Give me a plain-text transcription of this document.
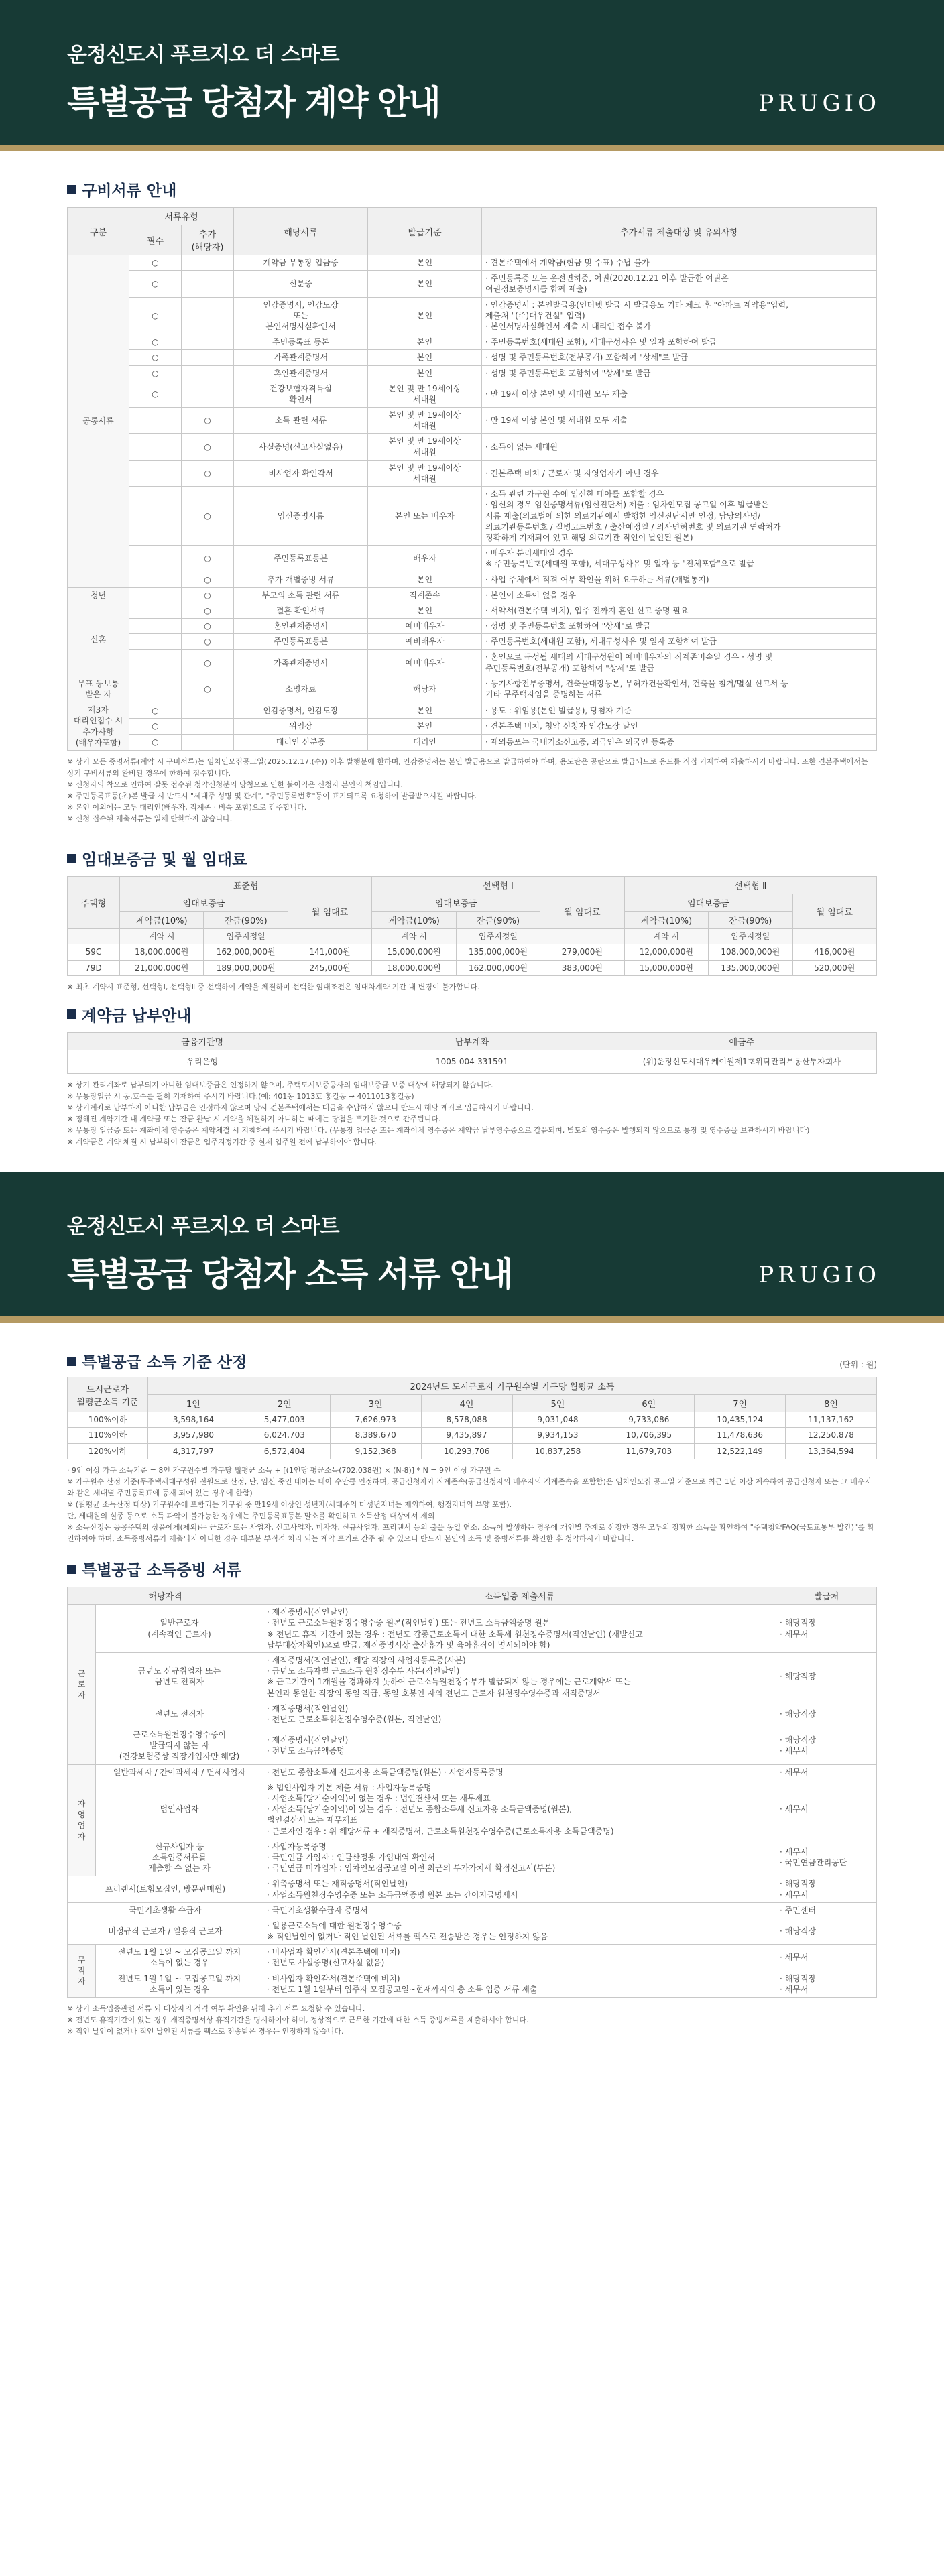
운정신도시 푸르지오 더 스마트
특별공급 당첨자 계약 안내	PRUGIO
구비서류 안내
구분	서류유형		해당서류	발급기준	추가서류 제출대상 및 유의사항
	필수	추가
(해당자)			
공통서류	○		계약금 무통장 입금증	본인	· 견본주택에서 계약금(현금 및 수표) 수납 불가
	○		신분증	본인	· 주민등록증 또는 운전면허증, 여권(2020.12.21 이후 발급한 여권은
여권정보증명서를 함께 제출)
	○		인감증명서, 인감도장
또는
본인서명사실확인서	본인	· 인감증명서 : 본인발급용(인터넷 발급 시 발급용도 기타 체크 후 "아파트 계약용"입력,
제출처 "(주)대우건설" 입력)
· 본인서명사실확인서 제출 시 대리인 접수 불가
	○		주민등록표 등본	본인	· 주민등록번호(세대원 포함), 세대구성사유 및 일자 포함하여 발급
	○		가족관계증명서	본인	· 성명 및 주민등록번호(전부공개) 포함하여 "상세"로 발급
	○		혼인관계증명서	본인	· 성명 및 주민등록번호 포함하여 "상세"로 발급
	○		건강보험자격득실
확인서	본인 및 만 19세이상
세대원	· 만 19세 이상 본인 및 세대원 모두 제출
		○	소득 관련 서류	본인 및 만 19세이상
세대원	· 만 19세 이상 본인 및 세대원 모두 제출
		○	사실증명(신고사실없음)	본인 및 만 19세이상
세대원	· 소득이 없는 세대원
		○	비사업자 확인각서	본인 및 만 19세이상
세대원	· 견본주택 비치 / 근로자 및 자영업자가 아닌 경우
		○	임신증명서류	본인 또는 배우자	· 소득 관련 가구원 수에 임신한 태아를 포함할 경우
· 임신의 경우 임신증명서류(임신진단서) 제출 : 임차인모집 공고일 이후 발급받은
서류 제출(의료법에 의한 의료기관에서 발행한 임신진단서만 인정, 담당의사명/
의료기관등록번호 / 질병코드번호 / 출산예정일 / 의사면허번호 및 의료기관 연락처가
정확하게 기재되어 있고 해당 의료기관 직인이 날인된 원본)
		○	주민등록표등본	배우자	· 배우자 분리세대일 경우
※ 주민등록번호(세대원 포함), 세대구성사유 및 일자 등 "전체포함"으로 발급
		○	추가 개별증빙 서류	본인	· 사업 주체에서 적격 여부 확인을 위해 요구하는 서류(개별통지)
청년		○	부모의 소득 관련 서류	직계존속	· 본인이 소득이 없을 경우
신혼		○	결혼 확인서류	본인	· 서약서(견본주택 비치), 입주 전까지 혼인 신고 증명 필요
		○	혼인관계증명서	예비배우자	· 성명 및 주민등록번호 포함하여 "상세"로 발급
		○	주민등록표등본	예비배우자	· 주민등록번호(세대원 포함), 세대구성사유 및 일자 포함하여 발급
		○	가족관계증명서	예비배우자	· 혼인으로 구성될 세대의 세대구성원이 예비배우자의 직계존비속일 경우 · 성명 및
주민등록번호(전부공개) 포함하여 "상세"로 발급
무표 등보통
받은 자		○	소명자료	해당자	· 등기사항전부증명서, 건축물대장등본, 무허가건물확인서, 건축물 철거/멸실 신고서 등
기타 무주택자임을 증명하는 서류
제3자
대리인접수 시
추가사항
(배우자포함)	○		인감증명서, 인감도장	본인	· 용도 : 위임용(본인 발급용), 당첨자 기준
	○		위임장	본인	· 견본주택 비치, 청약 신청자 인감도장 날인
	○		대리인 신분증	대리인	· 재외동포는 국내거소신고증, 외국인은 외국인 등록증
※ 상기 모든 증명서류(계약 시 구비서류)는 임차인모집공고일(2025.12.17.(수)) 이후 발행분에 한하며, 인감증명서는 본인 발급용으로 발급하여야 하며, 용도란은 공란으로 발급되므로 용도를 직접 기재하여 제출하시기 바랍니다. 또한 견본주택에서는 상기 구비서류의 완비된 경우에 한하여 접수합니다.
※ 신청자의 착오로 인하여 잘못 접수된 청약신청분의 당첨으로 인한 불이익은 신청자 본인의 책임입니다.
※ 주민등록표등(초)본 발급 시 반드시 "세대주 성명 및 관계", "주민등록번호"등이 표기되도록 요청하여 발급받으시길 바랍니다.
※ 본인 이외에는 모두 대리인(배우자, 직계존 · 비속 포함)으로 간주합니다.
※ 신청 접수된 제출서류는 일체 반환하지 않습니다.
임대보증금 및 월 임대료
주택형	표준형			선택형 Ⅰ			선택형 Ⅱ		
	임대보증금		월 임대료	임대보증금		월 임대료	임대보증금		월 임대료
	계약금(10%)	잔금(90%)		계약금(10%)	잔금(90%)		계약금(10%)	잔금(90%)	
	계약 시	입주지정일		계약 시	입주지정일		계약 시	입주지정일	
59C	18,000,000원	162,000,000원	141,000원	15,000,000원	135,000,000원	279,000원	12,000,000원	108,000,000원	416,000원
79D	21,000,000원	189,000,000원	245,000원	18,000,000원	162,000,000원	383,000원	15,000,000원	135,000,000원	520,000원
※ 최초 계약시 표준형, 선택형Ⅰ, 선택형Ⅱ 중 선택하여 계약을 체결하며 선택한 임대조건은 임대차계약 기간 내 변경이 불가합니다.
계약금 납부안내
금융기관명	납부계좌	예금주
우리은행	1005-004-331591	(위)운정신도시대우케이원제1호위탁관리부동산투자회사
※ 상기 관리계좌로 납부되지 아니한 임대보증금은 인정하지 않으며, 주택도시보증공사의 임대보증금 보증 대상에 해당되지 않습니다.
※ 무통장입금 시 동,호수를 필히 기재하여 주시기 바랍니다.(예: 401동 1013호 홍길동 → 4011013홍길동)
※ 상기계좌로 납부하지 아니한 납부금은 인정하지 않으며 당사 견본주택에서는 대금을 수납하지 않으니 반드시 해당 계좌로 입금하시기 바랍니다.
※ 정해진 계약기간 내 계약금 또는 잔금 완납 시 계약을 체결하지 아니하는 때에는 당첨을 포기한 것으로 간주됩니다.
※ 무통장 입금증 또는 계좌이체 영수증은 계약체결 시 지참하여 주시기 바랍니다. (무통장 입금증 또는 계좌이체 영수증은 계약금 납부영수증으로 갈음되며, 별도의 영수증은 발행되지 않으므로 통장 및 영수증을 보관하시기 바랍니다)
※ 계약금은 계약 체결 시 납부하여 잔금은 입주지정기간 중 실제 입주일 전에 납부하여야 합니다.
운정신도시 푸르지오 더 스마트
특별공급 당첨자 소득 서류 안내	PRUGIO
특별공급 소득 기준 산정	(단위 : 원)
도시근로자
월평균소득 기준	2024년도 도시근로자 가구원수별 가구당 월평균 소득							
	1인	2인	3인	4인	5인	6인	7인	8인
100%이하	3,598,164	5,477,003	7,626,973	8,578,088	9,031,048	9,733,086	10,435,124	11,137,162
110%이하	3,957,980	6,024,703	8,389,670	9,435,897	9,934,153	10,706,395	11,478,636	12,250,878
120%이하	4,317,797	6,572,404	9,152,368	10,293,706	10,837,258	11,679,703	12,522,149	13,364,594
· 9인 이상 가구 소득기준 = 8인 가구원수별 가구당 월평균 소득 + [(1인당 평균소득(702,038원) × (N-8)] * N = 9인 이상 가구원 수
※ 가구원수 산정 기준(무주택세대구성원 전원으로 산정, 단, 임신 중인 태아는 태아 수만큼 인정하며, 공급신청자와 직계존속(공급신청자의 배우자의 직계존속을 포함함)은 임차인모집 공고일 기준으로 최근 1년 이상 계속하여 공급신청자 또는 그 배우자와 같은 세대별 주민등록표에 등재 되어 있는 경우에 한함)
※ (월평균 소득산정 대상) 가구원수에 포함되는 가구원 중 만19세 이상인 성년자(세대주의 미성년자녀는 제외하여, 행정자녀의 부양 포함).
단, 세대원의 실종 등으로 소득 파악이 불가능한 경우에는 주민등록표등본 말소를 확인하고 소득산정 대상에서 제외
※ 소득산정은 공공주택의 상품에게(제외)는 근로자 또는 사업자, 신고사업자, 미자차, 신규사업자, 프리랜서 등의 불을 동일 연소, 소득이 발생하는 경우에 개인별 추계로 산정한 경우 모두의 정확한 소득을 확인하여 "주택청약FAQ(국토교통부 발간)"를 확인하여야 하며, 소득증빙서류가 제출되지 아니한 경우 대부분 부적격 처리 되는 계약 포기로 간주 될 수 있으니 반드시 본인의 소득 및 증빙서류를 확인한 후 청약하시기 바랍니다.
특별공급 소득증빙 서류
해당자격		소득입증 제출서류	발급처
근
로
자	일반근로자
(계속적인 근로자)	· 재직증명서(직인날인)
· 전년도 근로소득원천징수영수증 원본(직인날인) 또는 전년도 소득금액증명 원본
※ 전년도 휴직 기간이 있는 경우 : 전년도 갑종근로소득에 대한 소득세 원천징수증명서(직인날인) (재발신고
납부대상자확인)으로 발급, 재직증명서상 출산휴가 및 육아휴직이 명시되어야 함)	· 해당직장
· 세무서
	금년도 신규취업자 또는
금년도 전직자	· 재직증명서(직인날인), 해당 직장의 사업자등록증(사본)
· 금년도 소득자별 근로소득 원천징수부 사본(직인날인)
※ 근로기간이 1개월을 경과하지 못하여 근로소득원천징수부가 발급되지 않는 경우에는 근로계약서 또는
본인과 동일한 직장의 동일 직급, 동일 호봉인 자의 전년도 근로자 원천징수영수증과 재직증명서	· 해당직장
	전년도 전직자	· 재직증명서(직인날인)
· 전년도 근로소득원천징수영수증(원본, 직인날인)	· 해당직장
	근로소득원천징수영수증이
발급되지 않는 자
(건강보험증상 직장가입자만 해당)	· 재직증명서(직인날인)
· 전년도 소득금액증명	· 해당직장
· 세무서
자
영
업
자	일반과세자 / 간이과세자 / 면세사업자	· 전년도 종합소득세 신고자용 소득금액증명(원본) · 사업자등록증명	· 세무서
	법인사업자	※ 법인사업자 기본 제출 서류 : 사업자등록증명
· 사업소득(당기순이익)이 없는 경우 : 법인결산서 또는 재무제표
· 사업소득(당기순이익)이 있는 경우 : 전년도 종합소득세 신고자용 소득금액증명(원본),
법인결산서 또는 재무제표
· 근로자인 경우 : 위 해당서류 + 재직증명서, 근로소득원천징수영수증(근로소득자용 소득금액증명)	· 세무서
	신규사업자 등
소득입증서류를
제출할 수 없는 자	· 사업자등록증명
· 국민연금 가입자 : 연금산정용 가입내역 확인서
· 국민연금 미가입자 : 임차인모집공고일 이전 최근의 부가가치세 확정신고서(부본)	· 세무서
· 국민연금관리공단
프리랜서(보험모집인, 방문판매원)		· 위촉증명서 또는 재직증명서(직인날인)
· 사업소득원천징수영수증 또는 소득금액증명 원본 또는 간이지급명세서	· 해당직장
· 세무서
국민기초생활 수급자		· 국민기초생활수급자 증명서	· 주민센터
비정규직 근로자 / 일용직 근로자		· 일용근로소득에 대한 원천징수영수증
※ 직인날인이 없거나 직인 날인된 서류를 팩스로 전송받은 경우는 인정하지 않음	· 해당직장
무
직
자	전년도 1월 1일 ~ 모집공고일 까지
소득이 없는 경우	· 비사업자 확인각서(견본주택에 비치)
· 전년도 사실증명(신고사실 없음)	· 세무서
	전년도 1월 1일 ~ 모집공고일 까지
소득이 있는 경우	· 비사업자 확인각서(견본주택에 비치)
· 전년도 1월 1일부터 입주자 모집공고일~현재까지의 총 소득 입증 서류 제출	· 해당직장
· 세무서
※ 상기 소득입증관련 서류 외 대상자의 적격 여부 확인을 위해 추가 서류 요청할 수 있습니다.
※ 전년도 휴직기간이 있는 경우 재직증명서상 휴직기간을 명시하여야 하며, 정상적으로 근무한 기간에 대한 소득 증빙서류를 제출하셔야 합니다.
※ 직인 날인이 없거나 직인 날인된 서류를 팩스로 전송받은 경우는 인정하지 않습니다.
